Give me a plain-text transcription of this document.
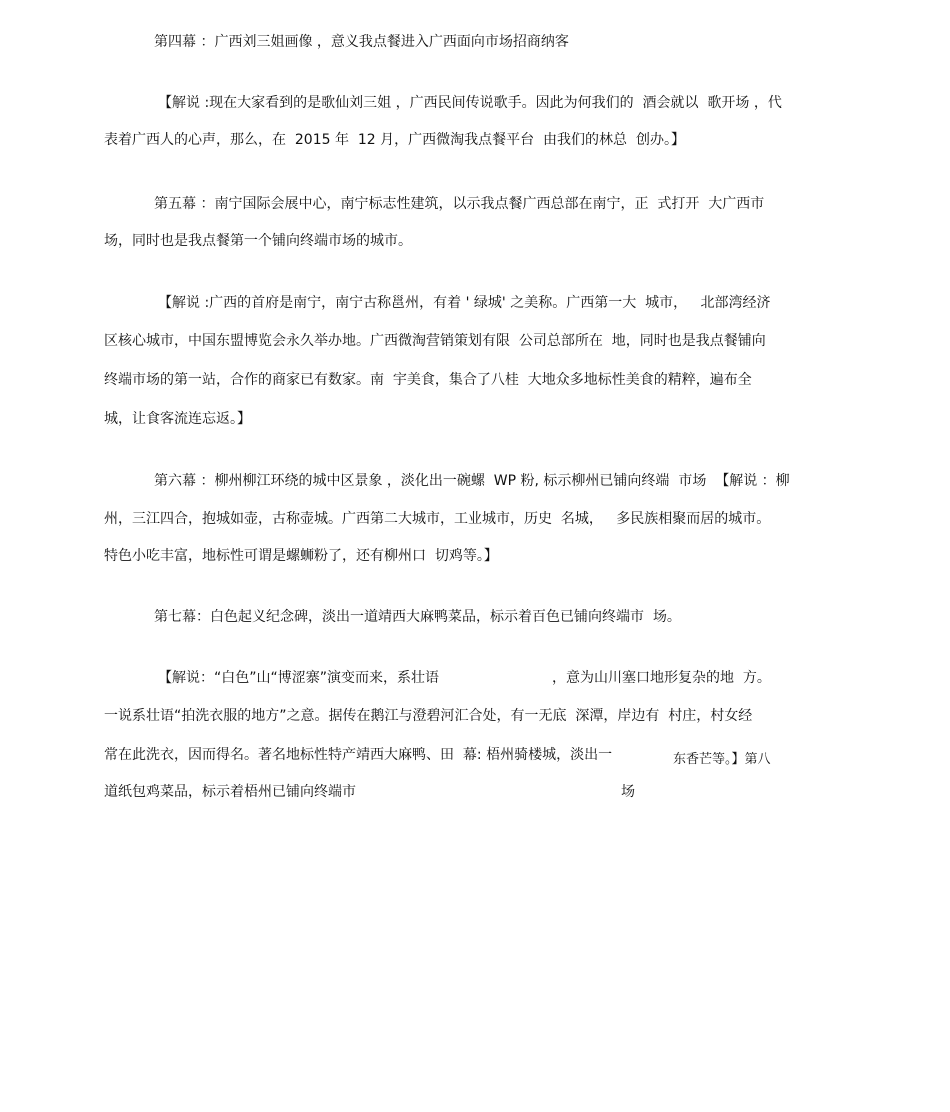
第四幕 ：广西刘三姐画像 ，意义我点餐进入广西面向市场招商纳客
【解说 :现在大家看到的是歌仙刘三姐 ，广西民间传说歌手。因此为何我们的  酒会就以  歌开场 ，代
表着广西人的心声，那么，在  2015 年  12 月，广西微淘我点餐平台  由我们的林总  创办。】
第五幕 ：南宁国际会展中心，南宁标志性建筑，以示我点餐广西总部在南宁，正  式打开  大广西市
场，同时也是我点餐第一个铺向终端市场的城市。
【解说 :广西的首府是南宁，南宁古称邕州，有着 ' 绿城' 之美称。广西第一大  城市，   北部湾经济
区核心城市，中国东盟博览会永久举办地。广西微淘营销策划有限  公司总部所在  地，同时也是我点餐铺向
终端市场的第一站，合作的商家已有数家。南  宇美食，集合了八桂  大地众多地标性美食的精粹，遍布全
城，让食客流连忘返。】
第六幕 ：柳州柳江环绕的城中区景象 ，淡化出一碗螺  WP 粉, 标示柳州已铺向终端  市场  【解说 ：柳
州，三江四合，抱城如壶，古称壶城。广西第二大城市，工业城市，历史  名城，   多民族相聚而居的城市。
特色小吃丰富，地标性可谓是螺蛳粉了，还有柳州口  切鸡等。】
第七幕：白色起义纪念碑，淡出一道靖西大麻鸭菜品，标示着百色已铺向终端市  场。
【解说：“白色”山“博涩寨”演变而来，系壮语	，意为山川塞口地形复杂的地  方。
一说系壮语“拍洗衣服的地方”之意。据传在鹅江与澄碧河汇合处，有一无底  深潭，岸边有  村庄，村女经
常在此洗衣，因而得名。著名地标性特产靖西大麻鸭、田  幕: 梧州骑楼城，淡出一	东香芒等。】第八
道纸包鸡菜品，标示着梧州已铺向终端市	场
